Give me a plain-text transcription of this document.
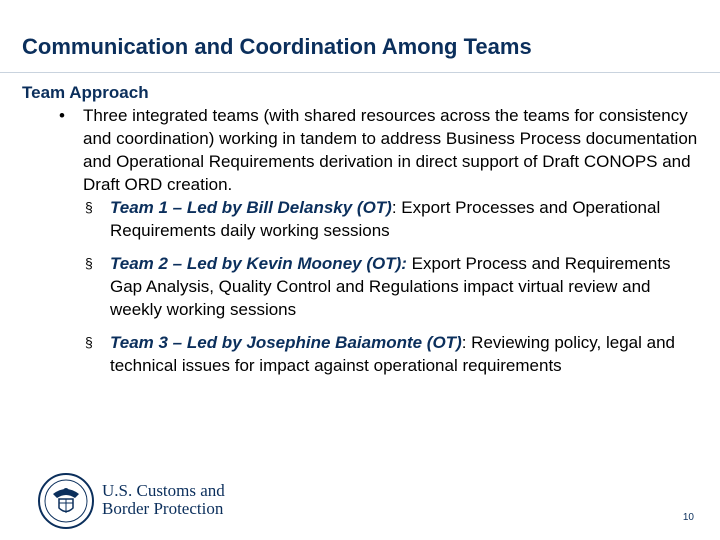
Communication and Coordination Among Teams
Team Approach
• Three integrated teams (with shared resources across the teams for consistency and coordination) working in tandem to address Business Process documentation and Operational Requirements derivation in direct support of Draft CONOPS and Draft ORD creation.
§ Team 1 – Led by Bill Delansky (OT): Export Processes and Operational Requirements daily working sessions
§ Team 2 – Led by Kevin Mooney (OT): Export Process and Requirements Gap Analysis, Quality Control and Regulations impact virtual review and weekly working sessions
§ Team 3 – Led by Josephine Baiamonte (OT): Reviewing policy, legal and technical issues for impact against operational requirements
U.S. Customs and
Border Protection	10
